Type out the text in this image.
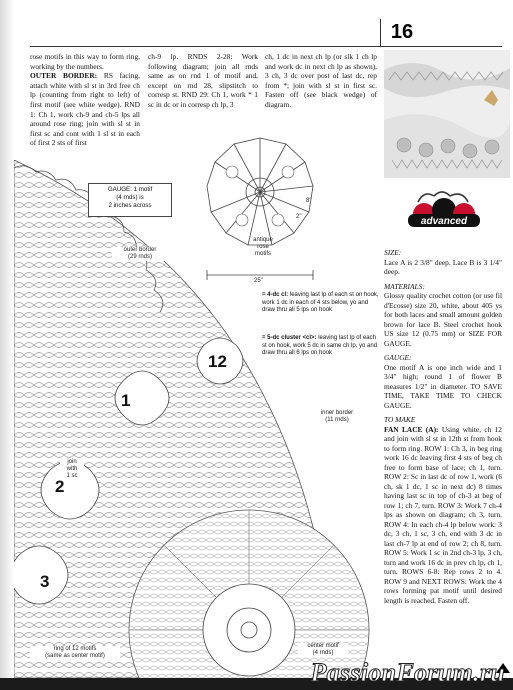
16

rose motifs in this way to form ring, working by the numbers.

OUTER BORDER: RS facing, attach white with sl st in 3rd free ch lp (counting from right to left) of first motif (see white wedge). RND 1: Ch 1, work ch-9 and ch-5 lps all around rose ring; join with sl st in first sc and cont with 1 sl st in each of first 2 sts of first

ch-9 lp. RNDS 2-28: Work following diagram; join all rnds same as on rnd 1 of motif and, except on rnd 28, slipstitch to corresp st. RND 29: Ch 1, work * 1 sc in dc or in corresp ch lp, 3

ch, 1 dc in next ch lp (or slk 1 ch lp and work dc in next ch lp as shown), 3 ch, 3 dc over post of last dc, rep from *; join with sl st in first sc. Fasten off (see black wedge) of diagram.

advanced
8"
2"
25"
antique
rose
motifs
GAUGE: 1 motif
(4 rnds) is
2 inches across
outer border
(29 rnds)
inner border
(11 rnds)
join
with
1 sc
ring of 12 motifs
(same as center motif)
center motif
(4 rnds)
1
2
3
12
= 4-dc cl: leaving last lp of each st on hook, work 1 dc in each of 4 sts below, yo and draw thru all 5 lps on hook
= 5-dc cluster <cl>: leaving last lp of each st on hook, work 5 dc in same ch lp, yo and draw thru all 6 lps on hook

SIZE:

Lace A is 2 3/8" deep. Lace B is 3 1/4" deep.

MATERIALS:

Glossy quality crochet cotton (or use fil d'Ecosse) size 20, white, about 405 ys for both laces and small amount golden brown for lace B. Steel crochet hook US size 12 (0.75 mm) or SIZE FOR GAUGE.

GAUGE:

One motif A is one inch wide and 1 3/4" high; round 1 of flower B measures 1/2" in diameter. TO SAVE TIME, TAKE TIME TO CHECK GAUGE.

TO MAKE

FAN LACE (A): Using white, ch 12 and join with sl st in 12th st from hook to form ring. ROW 1: Ch 3, in beg ring work 16 dc leaving first 4 sts of beg ch free to form base of lace; ch 1, turn. ROW 2: Sc in last dc of row 1, work (6 ch, sk 1 dc, 1 sc in next dc) 8 times having last sc in top of ch-3 at beg of row 1; ch 7, turn. ROW 3: Work 7 ch-4 lps as shown on diagram; ch 3, turn. ROW 4: In each ch-4 lp below work: 3 dc, 3 ch, 1 sc, 3 ch, end with 3 dc in last ch-7 lp at end of row 2; ch 8, turn. ROW 5: Work 1 sc in 2nd ch-3 lp, 3 ch, turn and work 16 dc in prev ch lp, ch 1, turn. ROWS 6-8: Rep rows 2 to 4. ROW 9 and NEXT ROWS: Work the 4 rows forming pat motif until desired length is reached. Fasten off.

PassionForum.ru
